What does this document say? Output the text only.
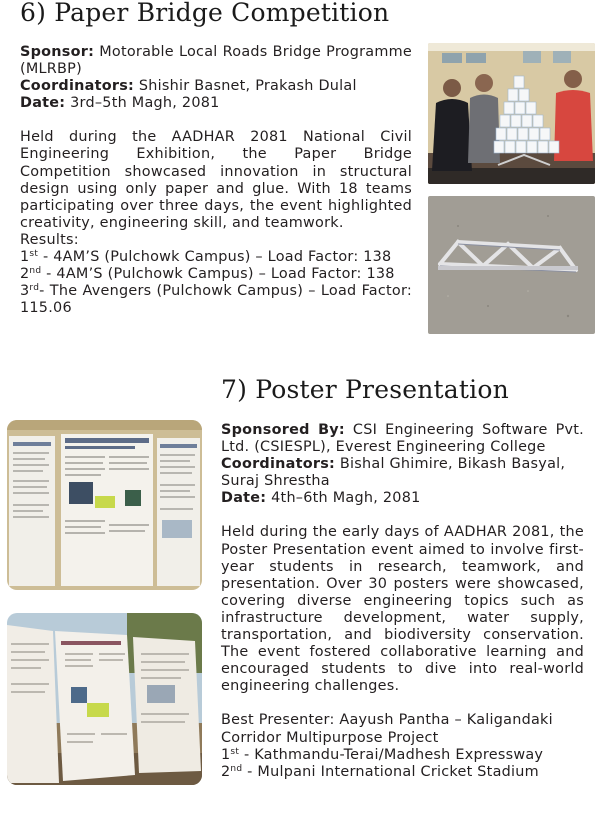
6) Paper Bridge Competition

Sponsor: Motorable Local Roads Bridge Programme (MLRBP)

Coordinators: Shishir Basnet, Prakash Dulal

Date: 3rd–5th Magh, 2081

Held during the AADHAR 2081 National Civil Engineering Exhibition, the Paper Bridge Competition showcased innovation in structural design using only paper and glue. With 18 teams participating over three days, the event highlighted creativity, engineering skill, and teamwork.

Results:

1st - 4AM’S (Pulchowk Campus) – Load Factor: 138

2nd - 4AM’S (Pulchowk Campus) – Load Factor: 138

3rd- The Avengers (Pulchowk Campus) – Load Factor: 115.06

7) Poster Presentation

Sponsored By: CSI Engineering Software Pvt. Ltd. (CSIESPL), Everest Engineering College

Coordinators: Bishal Ghimire, Bikash Basyal, Suraj Shrestha

Date: 4th–6th Magh, 2081

Held during the early days of AADHAR 2081, the Poster Presentation event aimed to involve first-year students in research, teamwork, and presentation. Over 30 posters were showcased, covering diverse engineering topics such as infrastructure development, water supply, transportation, and biodiversity conservation. The event fostered collaborative learning and encouraged students to dive into real-world engineering challenges.

Best Presenter: Aayush Pantha – Kaligandaki Corridor Multipurpose Project

1st - Kathmandu-Terai/Madhesh Expressway

2nd - Mulpani International Cricket Stadium
